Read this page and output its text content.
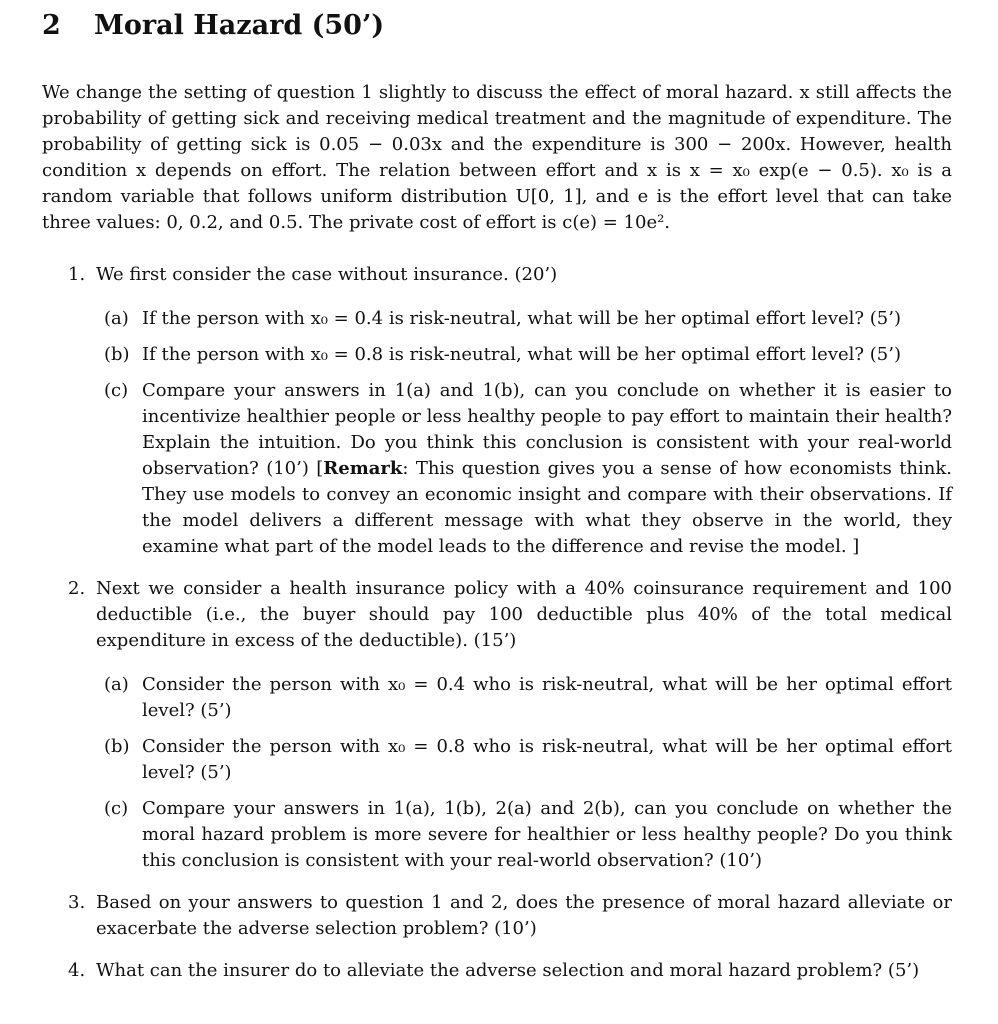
2 Moral Hazard (50’)

We change the setting of question 1 slightly to discuss the effect of moral hazard. x still affects the probability of getting sick and receiving medical treatment and the magnitude of expenditure. The probability of getting sick is 0.05 − 0.03x and the expenditure is 300 − 200x. However, health condition x depends on effort. The relation between effort and x is x = x₀ exp(e − 0.5). x₀ is a random variable that follows uniform distribution U[0, 1], and e is the effort level that can take three values: 0, 0.2, and 0.5. The private cost of effort is c(e) = 10e².

1. We first consider the case without insurance. (20’)
(a) If the person with x₀ = 0.4 is risk-neutral, what will be her optimal effort level? (5’)
(b) If the person with x₀ = 0.8 is risk-neutral, what will be her optimal effort level? (5’)
(c) Compare your answers in 1(a) and 1(b), can you conclude on whether it is easier to incentivize healthier people or less healthy people to pay effort to maintain their health? Explain the intuition. Do you think this conclusion is consistent with your real-world observation? (10’) [Remark: This question gives you a sense of how economists think. They use models to convey an economic insight and compare with their observations. If the model delivers a different message with what they observe in the world, they examine what part of the model leads to the difference and revise the model. ]
2. Next we consider a health insurance policy with a 40% coinsurance requirement and 100 deductible (i.e., the buyer should pay 100 deductible plus 40% of the total medical expenditure in excess of the deductible). (15’)
(a) Consider the person with x₀ = 0.4 who is risk-neutral, what will be her optimal effort level? (5’)
(b) Consider the person with x₀ = 0.8 who is risk-neutral, what will be her optimal effort level? (5’)
(c) Compare your answers in 1(a), 1(b), 2(a) and 2(b), can you conclude on whether the moral hazard problem is more severe for healthier or less healthy people? Do you think this conclusion is consistent with your real-world observation? (10’)
3. Based on your answers to question 1 and 2, does the presence of moral hazard alleviate or exacerbate the adverse selection problem? (10’)
4. What can the insurer do to alleviate the adverse selection and moral hazard problem? (5’)
